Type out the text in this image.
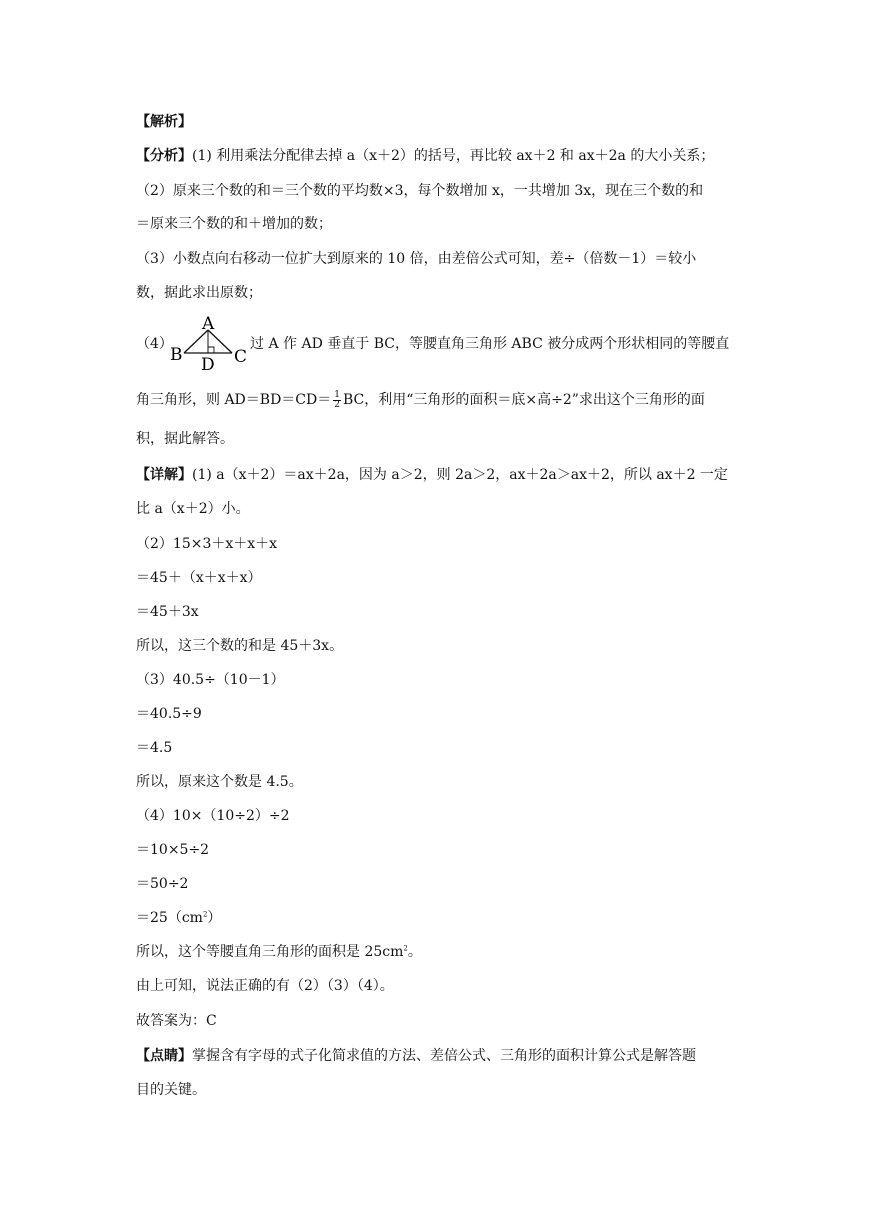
【解析】
【分析】(1) 利用乘法分配律去掉 a（x＋2）的括号，再比较 ax＋2 和 ax＋2a 的大小关系；
（2）原来三个数的和＝三个数的平均数×3，每个数增加 x，一共增加 3x，现在三个数的和
＝原来三个数的和＋增加的数；
（3）小数点向右移动一位扩大到原来的 10 倍，由差倍公式可知，差÷（倍数－1）＝较小
数，据此求出原数；
（4）
A
B	C
D
过 A 作 AD 垂直于 BC，等腰直角三角形 ABC 被分成两个形状相同的等腰直
角三角形，则 $AD=BD=CD= \frac{1}{2}$ BC，利用“三角形的面积＝底×高÷2”求出这个三角形的面
积，据此解答。
【详解】(1) a（x＋2）＝ax＋2a，因为 a＞2，则 2a＞2，ax＋2a＞ax＋2，所以 ax＋2 一定
比 a（x＋2）小。
（2）15×3＋x＋x＋x
＝45＋（x＋x＋x）
＝45＋3x
所以，这三个数的和是 45＋3x。
（3）40.5÷（10－1）
＝40.5÷9
＝4.5
所以，原来这个数是 4.5。
（4）10×（10÷2）÷2
＝10×5÷2
＝50÷2
$=25(cm^2)$
所以，这个等腰直角三角形的面积是 $25cm^2$。
由上可知，说法正确的有（2）（3）（4）。
故答案为：C
【点睛】掌握含有字母的式子化简求值的方法、差倍公式、三角形的面积计算公式是解答题
目的关键。
